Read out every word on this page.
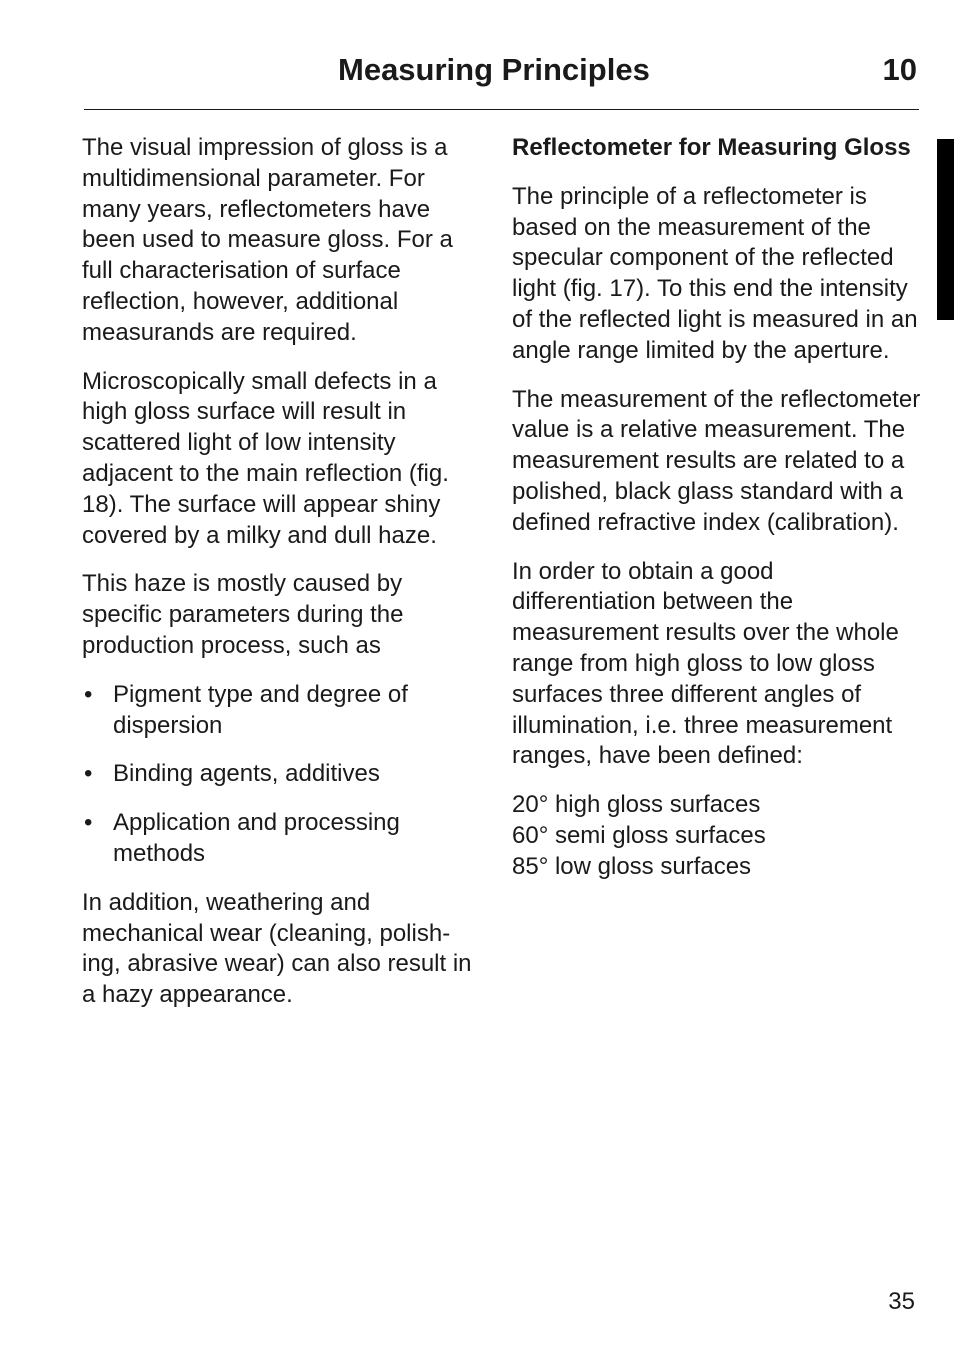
Measuring Principles	10

The visual impression of gloss is a multidimensional parameter. For many years, reflectometers have been used to measure gloss. For a full characterisation of surface reflection, however, additional measurands are required.

Microscopically small defects in a high gloss surface will result in scattered light of low intensity adjacent to the main reflection (fig. 18). The surface will appear shiny covered by a milky and dull haze.

This haze is mostly caused by specific parameters during the production process, such as

• Pigment type and degree of dispersion
• Binding agents, additives
• Application and processing methods

In addition, weathering and mechanical wear (cleaning, polish-ing, abrasive wear) can also result in a hazy appearance.

Reflectometer for Measuring Gloss

The principle of a reflectometer is based on the measurement of the specular component of the reflected light (fig. 17). To this end the intensity of the reflected light is measured in an angle range limited by the aperture.

The measurement of the reflectometer value is a relative measurement. The measurement results are related to a polished, black glass standard with a defined refractive index (calibration).

In order to obtain a good differentiation between the measurement results over the whole range from high gloss to low gloss surfaces three different angles of illumination, i.e. three measurement ranges, have been defined:

20° high gloss surfaces
60° semi gloss surfaces
85° low gloss surfaces

35
